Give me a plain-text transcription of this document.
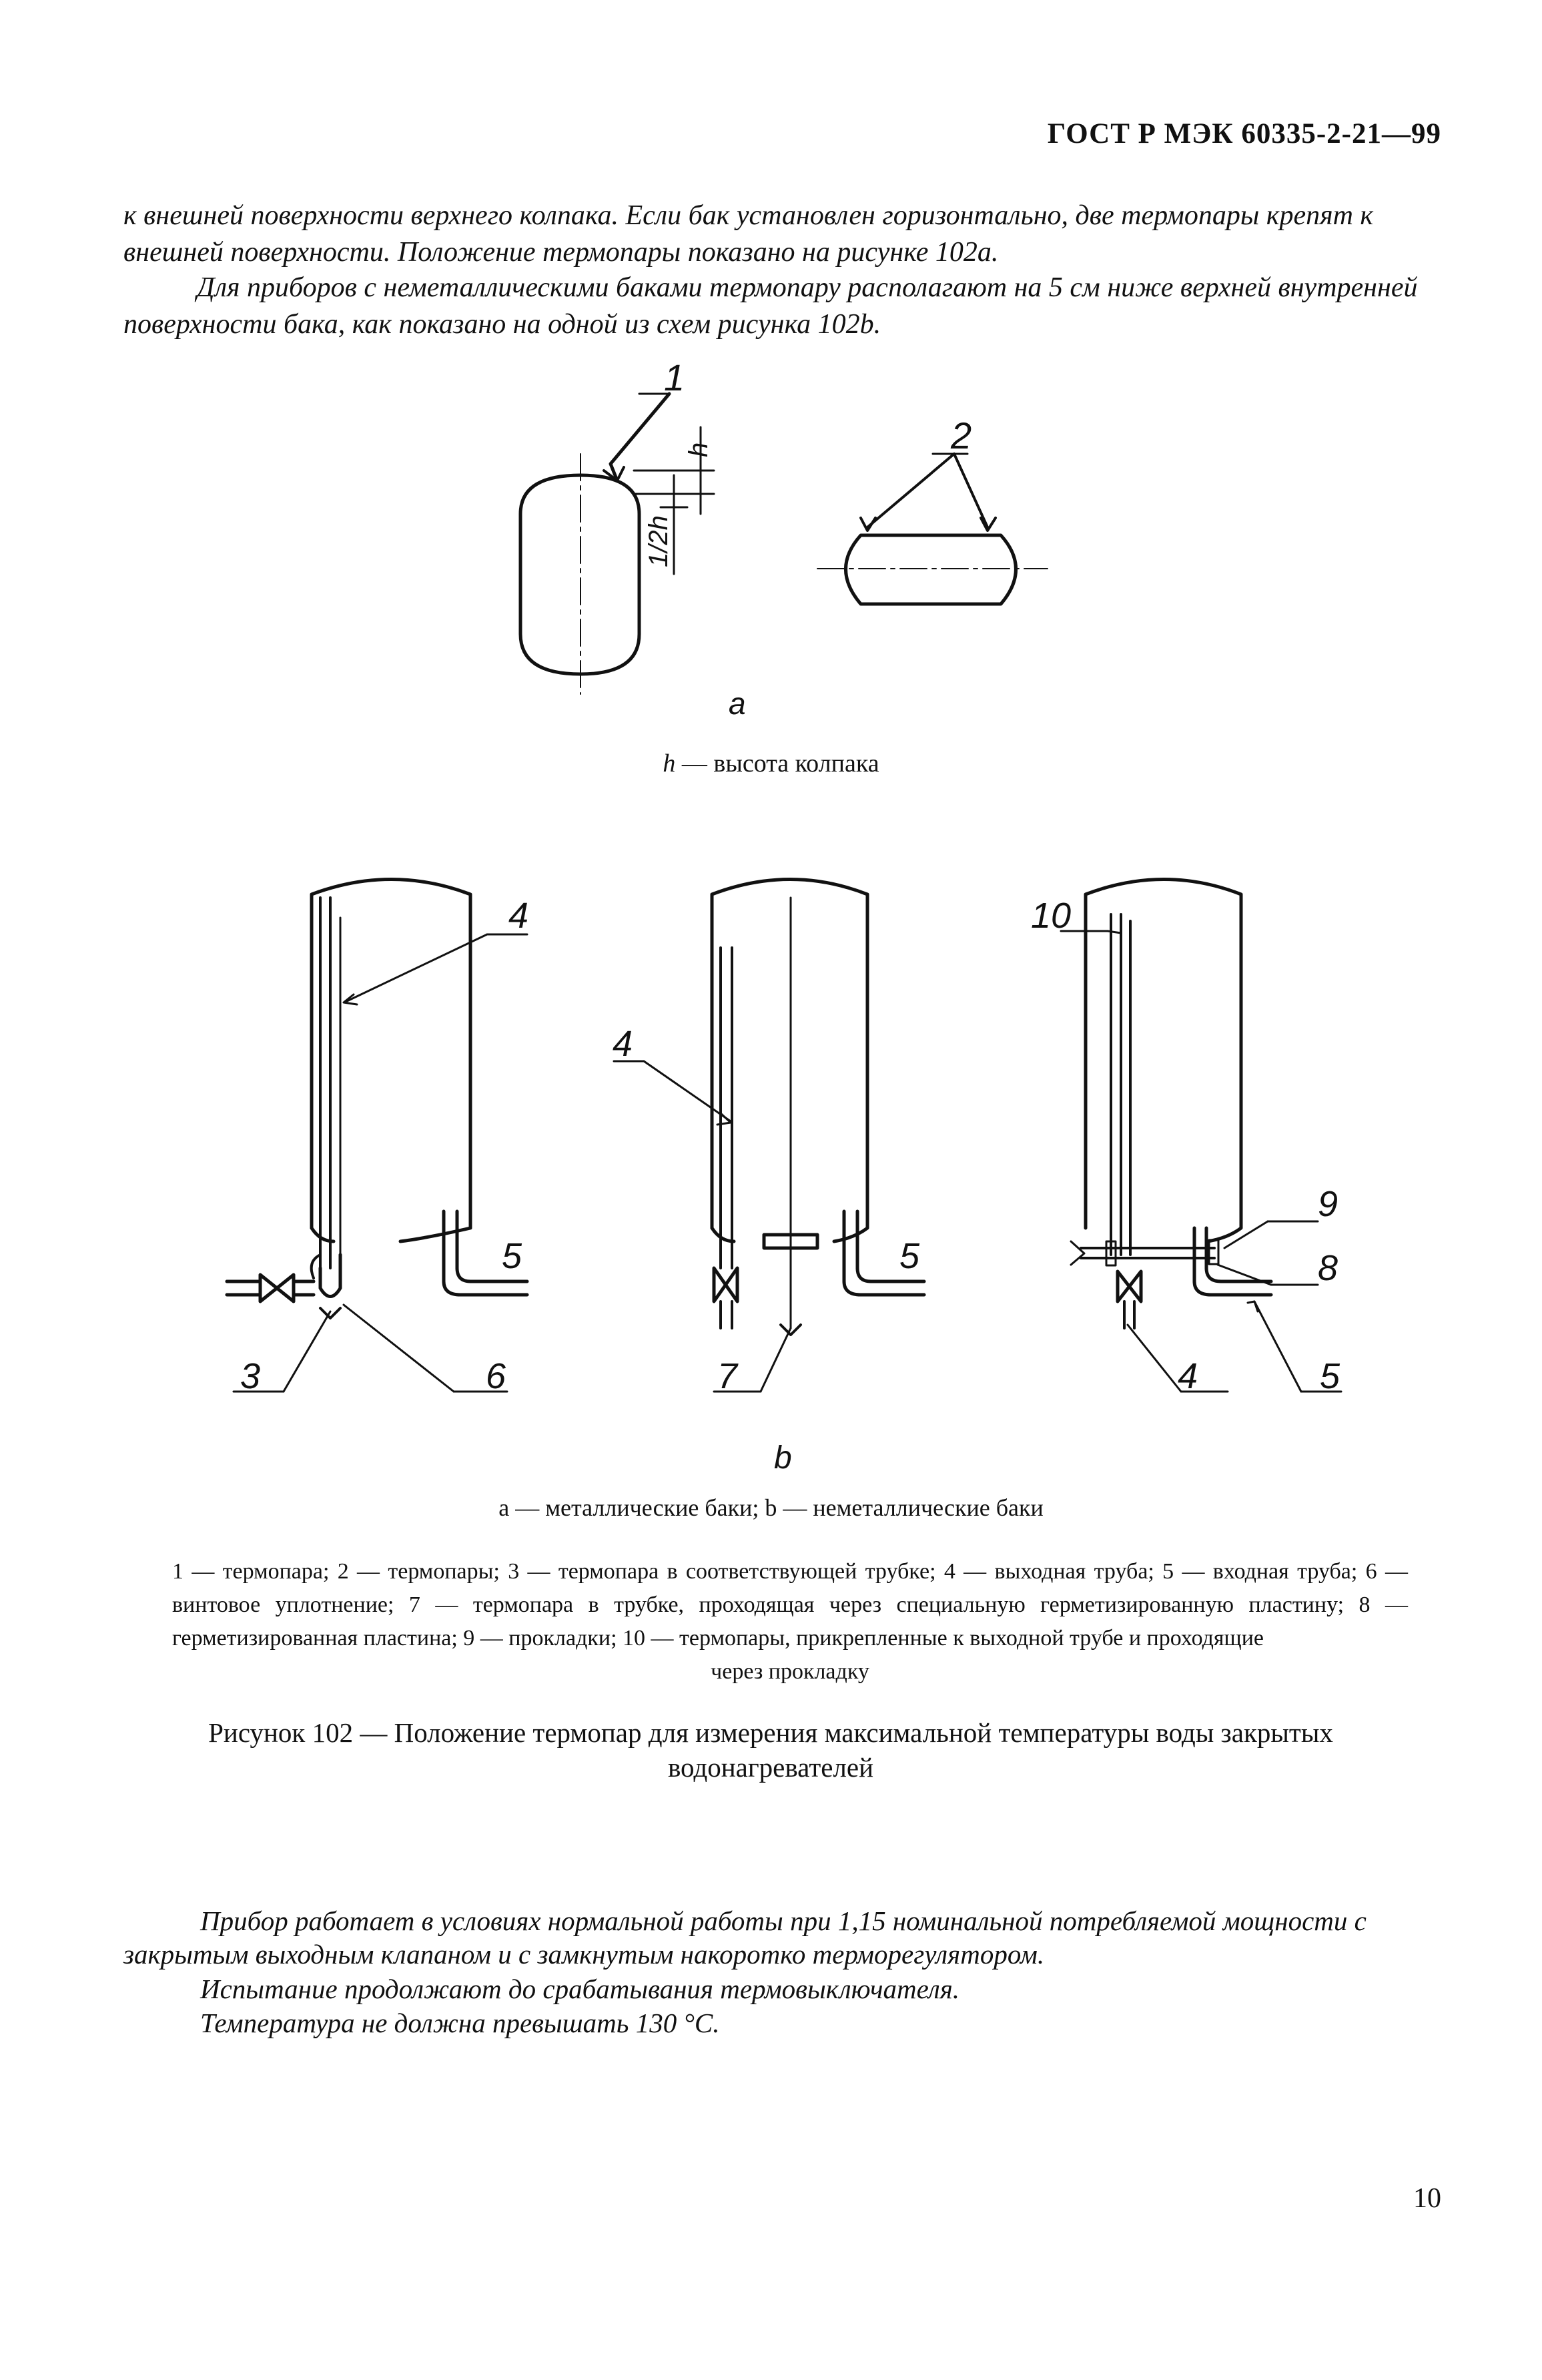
ГОСТ Р МЭК 60335-2-21—99
к внешней поверхности верхнего колпака. Если бак установлен горизонтально, две термопары крепят к внешней поверхности. Положение термопары показано на рисунке 102а.
Для приборов с неметаллическими баками термопару располагают на 5 см ниже верхней внутренней поверхности бака, как показано на одной из схем рисунка 102b.
1
2
h
1/2h
a
4
5
3	6
4
5
7
10
9
8
4	5
b
h — высота колпака
а — металлические баки; b — неметаллические баки
1 — термопара; 2 — термопары; 3 — термопара в соответствующей трубке; 4 — выходная труба; 5 — входная труба; 6 — винтовое уплотнение; 7 — термопара в трубке, проходящая через специальную герметизированную пластину; 8 — герметизированная пластина; 9 — прокладки; 10 — термопары, прикрепленные к выходной трубе и проходящие
через прокладку
Рисунок 102 — Положение термопар для измерения максимальной температуры воды закрытых водонагревателей
Прибор работает в условиях нормальной работы при 1,15 номинальной потребляемой мощности с закрытым выходным клапаном и с замкнутым накоротко терморегулятором.
Испытание продолжают до срабатывания термовыключателя.
Температура не должна превышать 130 °С.
10
